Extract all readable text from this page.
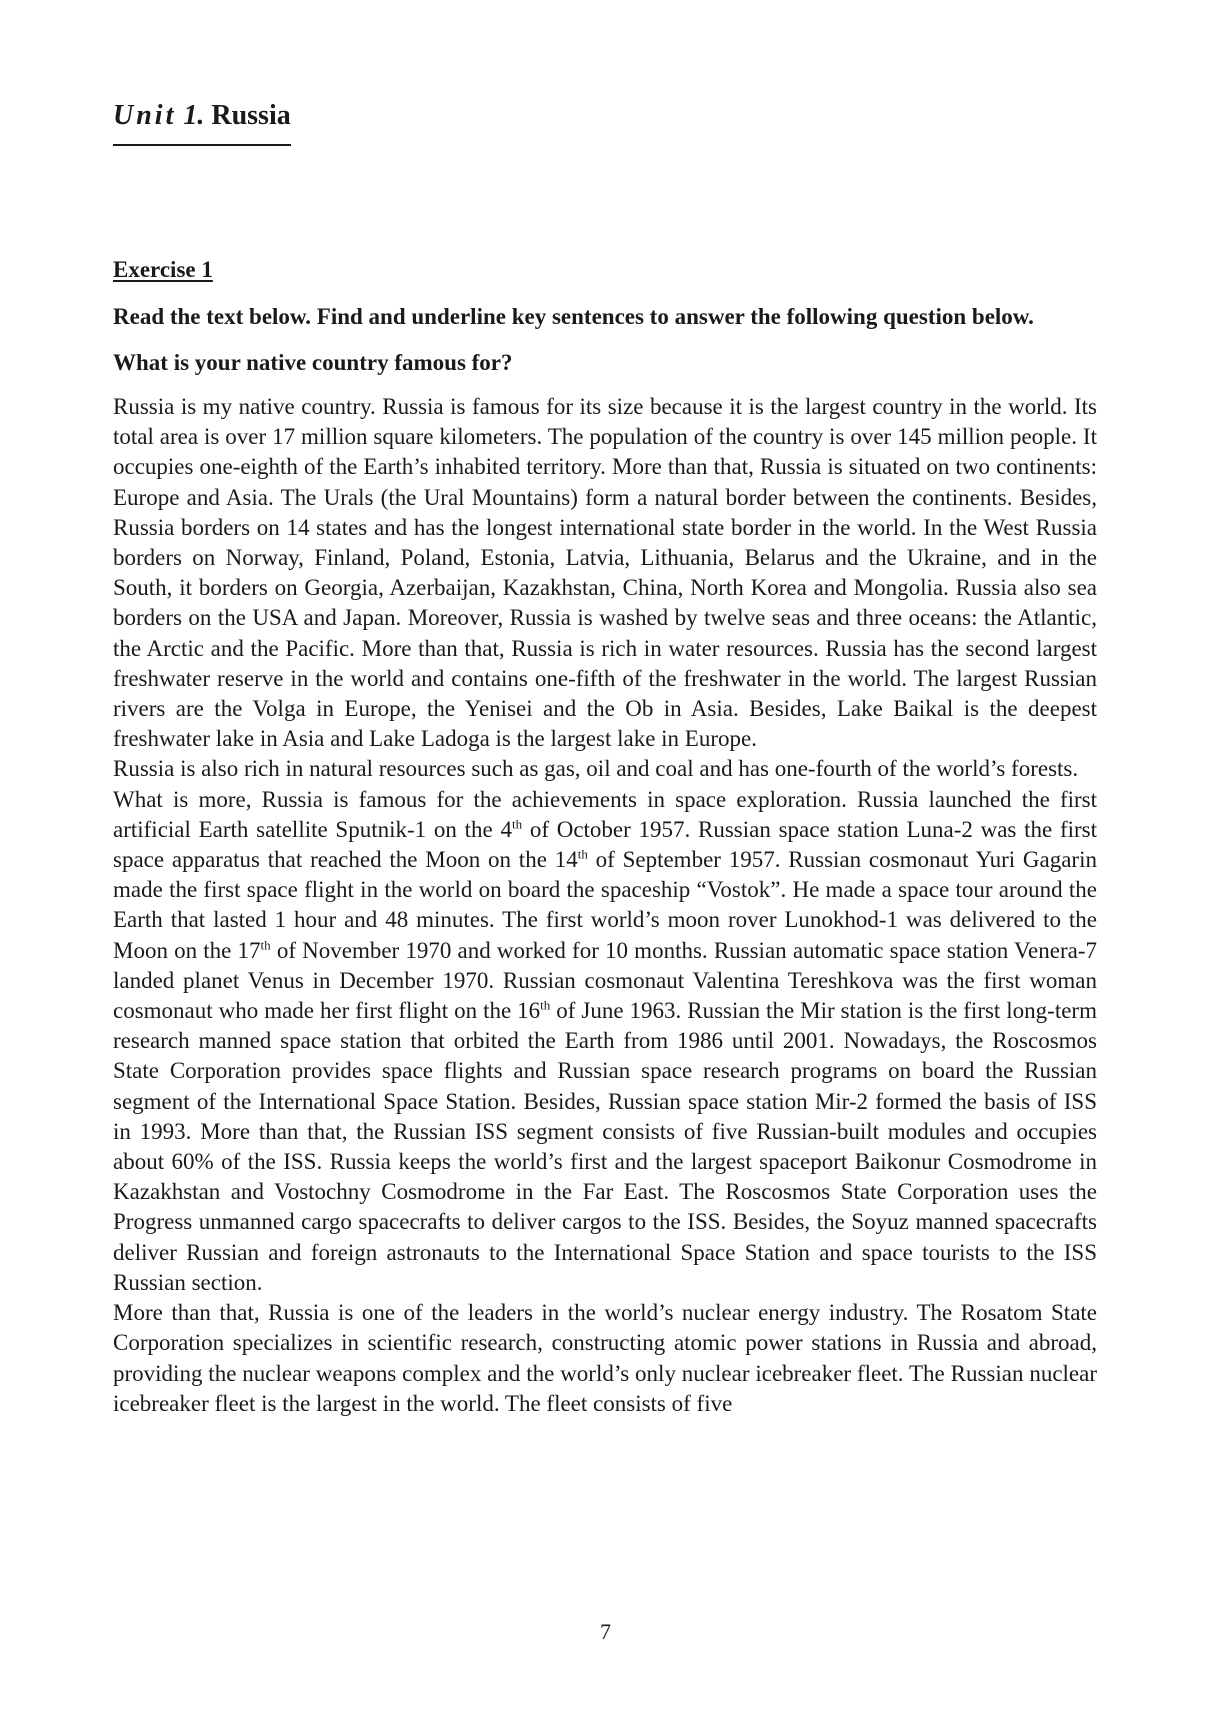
Unit 1. Russia
Exercise 1

Read the text below. Find and underline key sentences to answer the following question below.

What is your native country famous for?

Russia is my native country. Russia is famous for its size because it is the largest country in the world. Its total area is over 17 million square kilometers. The population of the country is over 145 million people. It occupies one-eighth of the Earth’s inhabited territory. More than that, Russia is situated on two continents: Europe and Asia. The Urals (the Ural Mountains) form a natural border between the continents. Besides, Russia borders on 14 states and has the longest international state border in the world. In the West Russia borders on Norway, Finland, Poland, Estonia, Latvia, Lithuania, Belarus and the Ukraine, and in the South, it borders on Georgia, Azerbaijan, Kazakhstan, China, North Korea and Mongolia. Russia also sea borders on the USA and Japan. Moreover, Russia is washed by twelve seas and three oceans: the Atlantic, the Arctic and the Pacific. More than that, Russia is rich in water resources. Russia has the second largest freshwater reserve in the world and contains one-fifth of the freshwater in the world. The largest Russian rivers are the Volga in Europe, the Yenisei and the Ob in Asia. Besides, Lake Baikal is the deepest freshwater lake in Asia and Lake Ladoga is the largest lake in Europe.

Russia is also rich in natural resources such as gas, oil and coal and has one-fourth of the world’s forests.

What is more, Russia is famous for the achievements in space exploration. Russia launched the first artificial Earth satellite Sputnik-1 on the 4th of October 1957. Russian space station Luna-2 was the first space apparatus that reached the Moon on the 14th of September 1957. Russian cosmonaut Yuri Gagarin made the first space flight in the world on board the spaceship “Vostok”. He made a space tour around the Earth that lasted 1 hour and 48 minutes. The first world’s moon rover Lunokhod-1 was delivered to the Moon on the 17th of November 1970 and worked for 10 months. Russian automatic space station Venera-7 landed planet Venus in December 1970. Russian cosmonaut Valentina Tereshkova was the first woman cosmonaut who made her first flight on the 16th of June 1963. Russian the Mir station is the first long-term research manned space station that orbited the Earth from 1986 until 2001. Nowadays, the Roscosmos State Corporation provides space flights and Russian space research programs on board the Russian segment of the International Space Station. Besides, Russian space station Mir-2 formed the basis of ISS in 1993. More than that, the Russian ISS segment consists of five Russian-built modules and occupies about 60% of the ISS. Russia keeps the world’s first and the largest spaceport Baikonur Cosmodrome in Kazakhstan and Vostochny Cosmodrome in the Far East. The Roscosmos State Corporation uses the Progress unmanned cargo spacecrafts to deliver cargos to the ISS. Besides, the Soyuz manned spacecrafts deliver Russian and foreign astronauts to the International Space Station and space tourists to the ISS Russian section.

More than that, Russia is one of the leaders in the world’s nuclear energy industry. The Rosatom State Corporation specializes in scientific research, constructing atomic power stations in Russia and abroad, providing the nuclear weapons complex and the world’s only nuclear icebreaker fleet. The Russian nuclear icebreaker fleet is the largest in the world. The fleet consists of five

7
